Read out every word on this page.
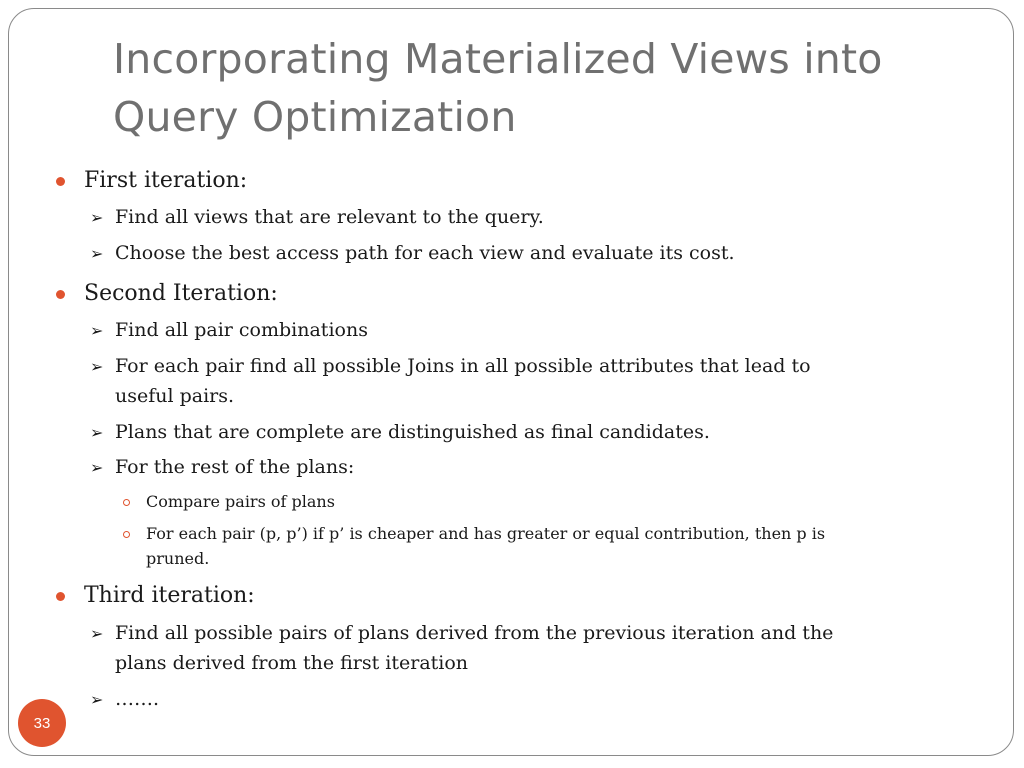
Incorporating Materialized Views into
Query Optimization
First iteration:
➢ Find all views that are relevant to the query.
➢ Choose the best access path for each view and evaluate its cost.
Second Iteration:
➢ Find all pair combinations
➢ For each pair find all possible Joins in all possible attributes that lead to
useful pairs.
➢ Plans that are complete are distinguished as final candidates.
➢ For the rest of the plans:
Compare pairs of plans
For each pair (p, p’) if p’ is cheaper and has greater or equal contribution, then p is
pruned.
Third iteration:
➢ Find all possible pairs of plans derived from the previous iteration and the
plans derived from the first iteration
➢ …….
33
